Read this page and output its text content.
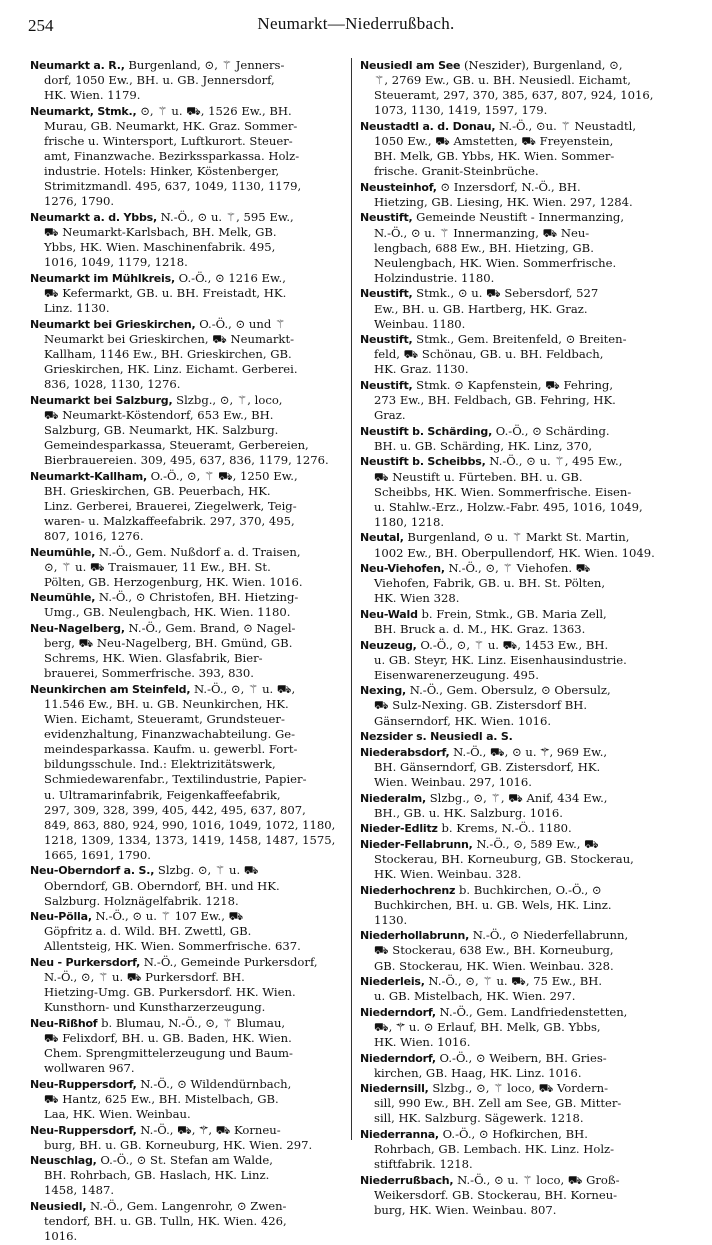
254	Neumarkt—Niederrußbach.
Neumarkt a. R., Burgenland, ⊙, ⚚ Jenners-
dorf, 1050 Ew., BH. u. GB. Jennersdorf,
HK. Wien. 1179.
Neumarkt, Stmk., ⊙, ⚚ u. ⛟, 1526 Ew., BH.
Murau, GB. Neumarkt, HK. Graz. Sommer-
frische u. Wintersport, Luftkurort. Steuer-
amt, Finanzwache. Bezirkssparkassa. Holz-
industrie. Hotels: Hinker, Köstenberger,
Strimitzmandl. 495, 637, 1049, 1130, 1179,
1276, 1790.
Neumarkt a. d. Ybbs, N.-Ö., ⊙ u. ⚚, 595 Ew.,
⛟ Neumarkt-Karlsbach, BH. Melk, GB.
Ybbs, HK. Wien. Maschinenfabrik. 495,
1016, 1049, 1179, 1218.
Neumarkt im Mühlkreis, O.-Ö., ⊙ 1216 Ew.,
⛟ Kefermarkt, GB. u. BH. Freistadt, HK.
Linz. 1130.
Neumarkt bei Grieskirchen, O.-Ö., ⊙ und ⚚
Neumarkt bei Grieskirchen, ⛟ Neumarkt-
Kallham, 1146 Ew., BH. Grieskirchen, GB.
Grieskirchen, HK. Linz. Eichamt. Gerberei.
836, 1028, 1130, 1276.
Neumarkt bei Salzburg, Slzbg., ⊙, ⚚, loco,
⛟ Neumarkt-Köstendorf, 653 Ew., BH.
Salzburg, GB. Neumarkt, HK. Salzburg.
Gemeindesparkassa, Steueramt, Gerbereien,
Bierbrauereien. 309, 495, 637, 836, 1179, 1276.
Neumarkt-Kallham, O.-Ö., ⊙, ⚚ ⛟, 1250 Ew.,
BH. Grieskirchen, GB. Peuerbach, HK.
Linz. Gerberei, Brauerei, Ziegelwerk, Teig-
waren- u. Malzkaffeefabrik. 297, 370, 495,
807, 1016, 1276.
Neumühle, N.-Ö., Gem. Nußdorf a. d. Traisen,
⊙, ⚚ u. ⛟ Traismauer, 11 Ew., BH. St.
Pölten, GB. Herzogenburg, HK. Wien. 1016.
Neumühle, N.-Ö., ⊙ Christofen, BH. Hietzing-
Umg., GB. Neulengbach, HK. Wien. 1180.
Neu-Nagelberg, N.-Ö., Gem. Brand, ⊙ Nagel-
berg, ⛟ Neu-Nagelberg, BH. Gmünd, GB.
Schrems, HK. Wien. Glasfabrik, Bier-
brauerei, Sommerfrische. 393, 830.
Neunkirchen am Steinfeld, N.-Ö., ⊙, ⚚ u. ⛟,
11.546 Ew., BH. u. GB. Neunkirchen, HK.
Wien. Eichamt, Steueramt, Grundsteuer-
evidenzhaltung, Finanzwachabteilung. Ge-
meindesparkassa. Kaufm. u. gewerbl. Fort-
bildungsschule. Ind.: Elektrizitätswerk,
Schmiedewarenfabr., Textilindustrie, Papier-
u. Ultramarinfabrik, Feigenkaffeefabrik,
297, 309, 328, 399, 405, 442, 495, 637, 807,
849, 863, 880, 924, 990, 1016, 1049, 1072, 1180,
1218, 1309, 1334, 1373, 1419, 1458, 1487, 1575,
1665, 1691, 1790.
Neu-Oberndorf a. S., Slzbg. ⊙, ⚚ u. ⛟
Oberndorf, GB. Oberndorf, BH. und HK.
Salzburg. Holznägelfabrik. 1218.
Neu-Pölla, N.-Ö., ⊙ u. ⚚ 107 Ew., ⛟
Göpfritz a. d. Wild. BH. Zwettl, GB.
Allentsteig, HK. Wien. Sommerfrische. 637.
Neu - Purkersdorf, N.-Ö., Gemeinde Purkersdorf,
N.-Ö., ⊙, ⚚ u. ⛟ Purkersdorf. BH.
Hietzing-Umg. GB. Purkersdorf. HK. Wien.
Kunsthorn- und Kunstharzerzeugung.
Neu-Rißhof b. Blumau, N.-Ö., ⊙, ⚚ Blumau,
⛟ Felixdorf, BH. u. GB. Baden, HK. Wien.
Chem. Sprengmittelerzeugung und Baum-
wollwaren 967.
Neu-Ruppersdorf, N.-Ö., ⊙ Wildendürnbach,
⛟ Hantz, 625 Ew., BH. Mistelbach, GB.
Laa, HK. Wien. Weinbau.
Neu-Ruppersdorf, N.-Ö., ⛟, ⚚, ⛟ Korneu-
burg, BH. u. GB. Korneuburg, HK. Wien. 297.
Neuschlag, O.-Ö., ⊙ St. Stefan am Walde,
BH. Rohrbach, GB. Haslach, HK. Linz.
1458, 1487.
Neusiedl, N.-Ö., Gem. Langenrohr, ⊙ Zwen-
tendorf, BH. u. GB. Tulln, HK. Wien. 426,
1016.
Neusiedl am See (Neszider), Burgenland, ⊙,
⚚, 2769 Ew., GB. u. BH. Neusiedl. Eichamt,
Steueramt, 297, 370, 385, 637, 807, 924, 1016,
1073, 1130, 1419, 1597, 179.
Neustadtl a. d. Donau, N.-Ö., ⊙u. ⚚ Neustadtl,
1050 Ew., ⛟ Amstetten, ⛟ Freyenstein,
BH. Melk, GB. Ybbs, HK. Wien. Sommer-
frische. Granit-Steinbrüche.
Neusteinhof, ⊙ Inzersdorf, N.-Ö., BH.
Hietzing, GB. Liesing, HK. Wien. 297, 1284.
Neustift, Gemeinde Neustift - Innermanzing,
N.-Ö., ⊙ u. ⚚ Innermanzing, ⛟ Neu-
lengbach, 688 Ew., BH. Hietzing, GB.
Neulengbach, HK. Wien. Sommerfrische.
Holzindustrie. 1180.
Neustift, Stmk., ⊙ u. ⛟ Sebersdorf, 527
Ew., BH. u. GB. Hartberg, HK. Graz.
Weinbau. 1180.
Neustift, Stmk., Gem. Breitenfeld, ⊙ Breiten-
feld, ⛟ Schönau, GB. u. BH. Feldbach,
HK. Graz. 1130.
Neustift, Stmk. ⊙ Kapfenstein, ⛟ Fehring,
273 Ew., BH. Feldbach, GB. Fehring, HK.
Graz.
Neustift b. Schärding, O.-Ö., ⊙ Schärding.
BH. u. GB. Schärding, HK. Linz, 370,
Neustift b. Scheibbs, N.-Ö., ⊙ u. ⚚, 495 Ew.,
⛟ Neustift u. Fürteben. BH. u. GB.
Scheibbs, HK. Wien. Sommerfrische. Eisen-
u. Stahlw.-Erz., Holzw.-Fabr. 495, 1016, 1049,
1180, 1218.
Neutal, Burgenland, ⊙ u. ⚚ Markt St. Martin,
1002 Ew., BH. Oberpullendorf, HK. Wien. 1049.
Neu-Viehofen, N.-Ö., ⊙, ⚚ Viehofen. ⛟
Viehofen, Fabrik, GB. u. BH. St. Pölten,
HK. Wien 328.
Neu-Wald b. Frein, Stmk., GB. Maria Zell,
BH. Bruck a. d. M., HK. Graz. 1363.
Neuzeug, O.-Ö., ⊙, ⚚ u. ⛟, 1453 Ew., BH.
u. GB. Steyr, HK. Linz. Eisenhausindustrie.
Eisenwarenerzeugung. 495.
Nexing, N.-Ö., Gem. Obersulz, ⊙ Obersulz,
⛟ Sulz-Nexing. GB. Zistersdorf BH.
Gänserndorf, HK. Wien. 1016.
Nezsider s. Neusiedl a. S.
Niederabsdorf, N.-Ö., ⛟, ⊙ u. ⚚, 969 Ew.,
BH. Gänserndorf, GB. Zistersdorf, HK.
Wien. Weinbau. 297, 1016.
Niederalm, Slzbg., ⊙, ⚚, ⛟ Anif, 434 Ew.,
BH., GB. u. HK. Salzburg. 1016.
Nieder-Edlitz b. Krems, N.-Ö.. 1180.
Nieder-Fellabrunn, N.-Ö., ⊙, 589 Ew., ⛟
Stockerau, BH. Korneuburg, GB. Stockerau,
HK. Wien. Weinbau. 328.
Niederhochrenz b. Buchkirchen, O.-Ö., ⊙
Buchkirchen, BH. u. GB. Wels, HK. Linz.
1130.
Niederhollabrunn, N.-Ö., ⊙ Niederfellabrunn,
⛟ Stockerau, 638 Ew., BH. Korneuburg,
GB. Stockerau, HK. Wien. Weinbau. 328.
Niederleis, N.-Ö., ⊙, ⚚ u. ⛟, 75 Ew., BH.
u. GB. Mistelbach, HK. Wien. 297.
Niederndorf, N.-Ö., Gem. Landfriedenstetten,
⛟, ⚚ u. ⊙ Erlauf, BH. Melk, GB. Ybbs,
HK. Wien. 1016.
Niederndorf, O.-Ö., ⊙ Weibern, BH. Gries-
kirchen, GB. Haag, HK. Linz. 1016.
Niedernsill, Slzbg., ⊙, ⚚ loco, ⛟ Vordern-
sill, 990 Ew., BH. Zell am See, GB. Mitter-
sill, HK. Salzburg. Sägewerk. 1218.
Niederranna, O.-Ö., ⊙ Hofkirchen, BH.
Rohrbach, GB. Lembach. HK. Linz. Holz-
stiftfabrik. 1218.
Niederrußbach, N.-Ö., ⊙ u. ⚚ loco, ⛟ Groß-
Weikersdorf. GB. Stockerau, BH. Korneu-
burg, HK. Wien. Weinbau. 807.
